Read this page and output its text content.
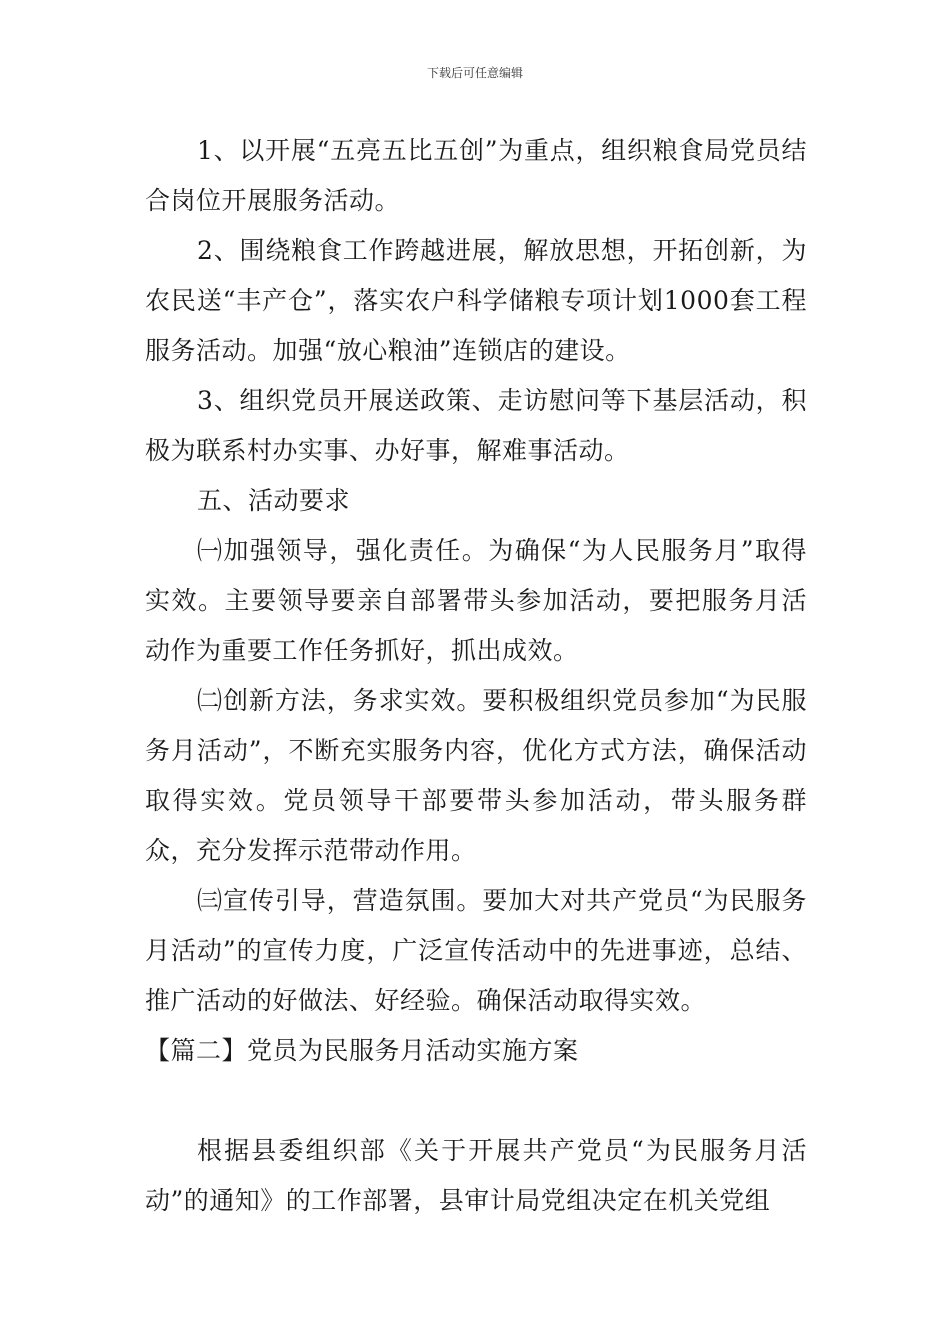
下载后可任意编辑

1、以开展“五亮五比五创”为重点，组织粮食局党员结合岗位开展服务活动。

2、围绕粮食工作跨越进展，解放思想，开拓创新，为农民送“丰产仓”，落实农户科学储粮专项计划1000套工程服务活动。加强“放心粮油”连锁店的建设。

3、组织党员开展送政策、走访慰问等下基层活动，积极为联系村办实事、办好事，解难事活动。

五、活动要求

㈠加强领导，强化责任。为确保“为人民服务月”取得实效。主要领导要亲自部署带头参加活动，要把服务月活动作为重要工作任务抓好，抓出成效。

㈡创新方法，务求实效。要积极组织党员参加“为民服务月活动”，不断充实服务内容，优化方式方法，确保活动取得实效。党员领导干部要带头参加活动，带头服务群众，充分发挥示范带动作用。

㈢宣传引导，营造氛围。要加大对共产党员“为民服务月活动”的宣传力度，广泛宣传活动中的先进事迹，总结、推广活动的好做法、好经验。确保活动取得实效。

【篇二】党员为民服务月活动实施方案

根据县委组织部《关于开展共产党员“为民服务月活动”的通知》的工作部署，县审计局党组决定在机关党组
